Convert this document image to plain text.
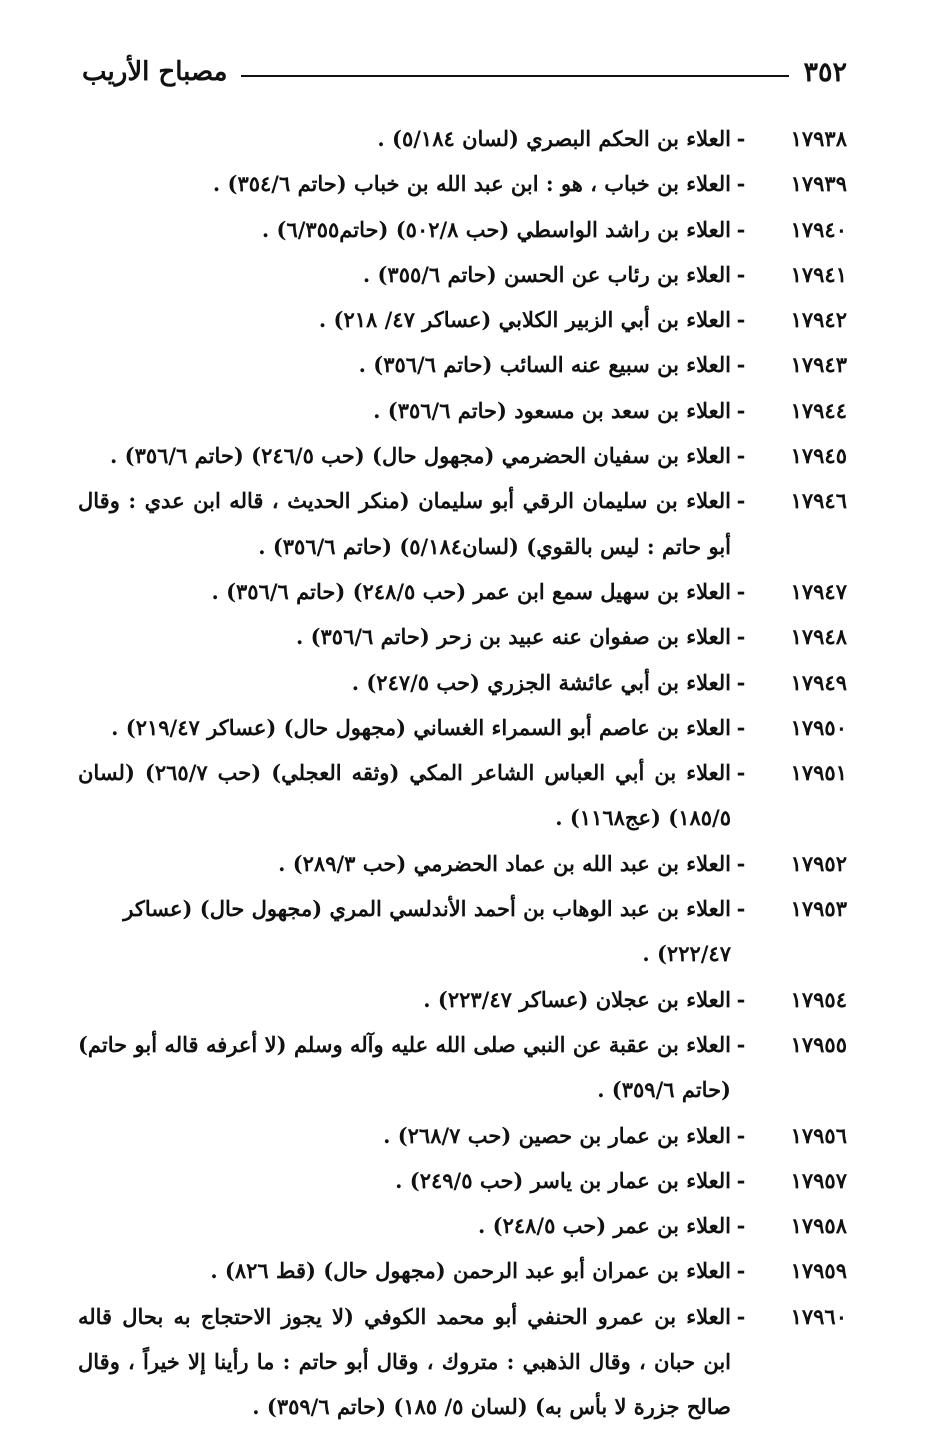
٣٥٢
مصباح الأريب
١٧٩٣٨
-
العلاء بن الحكم البصري (لسان ٥/١٨٤) .
١٧٩٣٩
-
العلاء بن خباب ، هو : ابن عبد الله بن خباب (حاتم ٣٥٤/٦) .
١٧٩٤٠
-
العلاء بن راشد الواسطي (حب ٥٠٢/٨) (حاتم٦/٣٥٥) .
١٧٩٤١
-
العلاء بن رئاب عن الحسن (حاتم ٣٥٥/٦) .
١٧٩٤٢
-
العلاء بن أبي الزبير الكلابي (عساكر ٤٧/ ٢١٨) .
١٧٩٤٣
-
العلاء بن سبيع عنه السائب (حاتم ٣٥٦/٦) .
١٧٩٤٤
-
العلاء بن سعد بن مسعود (حاتم ٣٥٦/٦) .
١٧٩٤٥
-
العلاء بن سفيان الحضرمي (مجهول حال) (حب ٢٤٦/٥) (حاتم ٣٥٦/٦) .
١٧٩٤٦
-
العلاء بن سليمان الرقي أبو سليمان (منكر الحديث ، قاله ابن عدي : وقال أبو حاتم : ليس بالقوي) (لسان٥/١٨٤) (حاتم ٣٥٦/٦) .
١٧٩٤٧
-
العلاء بن سهيل سمع ابن عمر (حب ٢٤٨/٥) (حاتم ٣٥٦/٦) .
١٧٩٤٨
-
العلاء بن صفوان عنه عبيد بن زحر (حاتم ٣٥٦/٦) .
١٧٩٤٩
-
العلاء بن أبي عائشة الجزري (حب ٢٤٧/٥) .
١٧٩٥٠
-
العلاء بن عاصم أبو السمراء الغساني (مجهول حال) (عساكر ٢١٩/٤٧) .
١٧٩٥١
-
العلاء بن أبي العباس الشاعر المكي (وثقه العجلي) (حب ٢٦٥/٧) (لسان ١٨٥/٥) (عج١١٦٨) .
١٧٩٥٢
-
العلاء بن عبد الله بن عماد الحضرمي (حب ٢٨٩/٣) .
١٧٩٥٣
-
العلاء بن عبد الوهاب بن أحمد الأندلسي المري (مجهول حال) (عساكر ٢٢٢/٤٧) .
١٧٩٥٤
-
العلاء بن عجلان (عساكر ٢٢٣/٤٧) .
١٧٩٥٥
-
العلاء بن عقبة عن النبي صلى الله عليه وآله وسلم (لا أعرفه قاله أبو حاتم) (حاتم ٣٥٩/٦) .
١٧٩٥٦
-
العلاء بن عمار بن حصين (حب ٢٦٨/٧) .
١٧٩٥٧
-
العلاء بن عمار بن ياسر (حب ٢٤٩/٥) .
١٧٩٥٨
-
العلاء بن عمر (حب ٢٤٨/٥) .
١٧٩٥٩
-
العلاء بن عمران أبو عبد الرحمن (مجهول حال) (قط ٨٢٦) .
١٧٩٦٠
-
العلاء بن عمرو الحنفي أبو محمد الكوفي (لا يجوز الاحتجاج به بحال قاله ابن حبان ، وقال الذهبي : متروك ، وقال أبو حاتم : ما رأينا إلا خيراً ، وقال صالح جزرة لا بأس به) (لسان ٥/ ١٨٥) (حاتم ٣٥٩/٦) .
